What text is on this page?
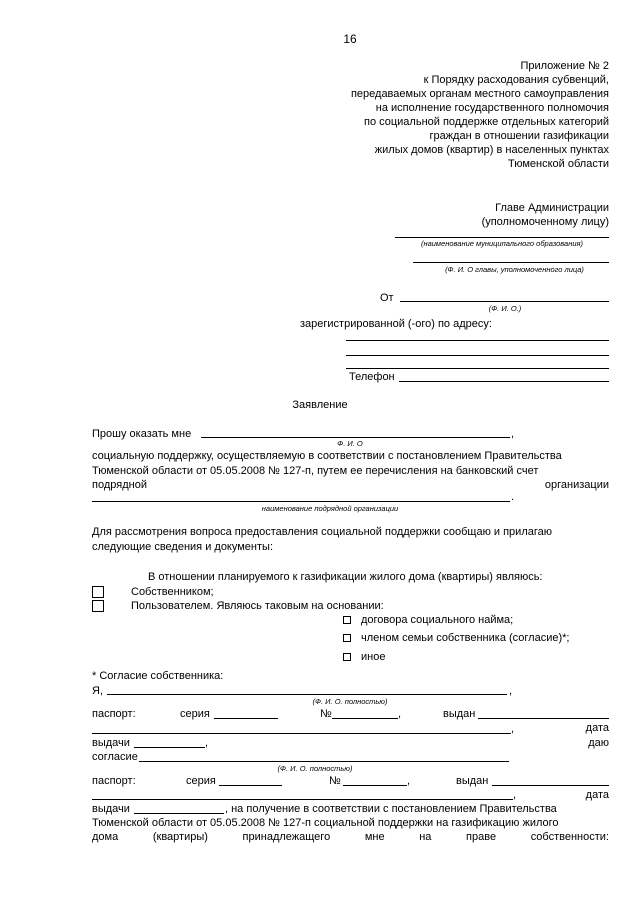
16
Приложение № 2
к Порядку расходования субвенций,
передаваемых органам местного самоуправления
на исполнение государственного полномочия
по социальной поддержке отдельных категорий
граждан в отношении газификации
жилых домов (квартир) в населенных пунктах
Тюменской области
Главе Администрации
(уполномоченному лицу)
(наименование муниципального образования)
(Ф. И. О главы, уполномоченного лица)
От
(Ф. И. О.)
зарегистрированной (-ого) по адресу:
Телефон
Заявление
Прошу оказать мне	,
Ф. И. О
социальную поддержку, осуществляемую в соответствии с постановлением Правительства
Тюменской области от 05.05.2008 № 127-п, путем ее перечисления на банковский счет
подрядной	организации
.
наименование подрядной организации
Для рассмотрения вопроса предоставления социальной поддержки сообщаю и прилагаю
следующие сведения и документы:
В отношении планируемого к газификации жилого дома (квартиры) являюсь:
Собственником;
Пользователем. Являюсь таковым на основании:
договора социального найма;
членом семьи собственника (согласие)*;
иное
* Согласие собственника:
Я,	,
(Ф. И. О. полностью)
паспорт:	серия	№	,	выдан
,	дата
выдачи	,	даю
согласие
(Ф. И. О. полностью)
паспорт:	серия	№	,	выдан
,	дата
выдачи	, на получение в соответствии с постановлением Правительства
Тюменской области от 05.05.2008 № 127-п социальной поддержки на газификацию жилого
дома	(квартиры)	принадлежащего	мне	на	праве	собственности:
